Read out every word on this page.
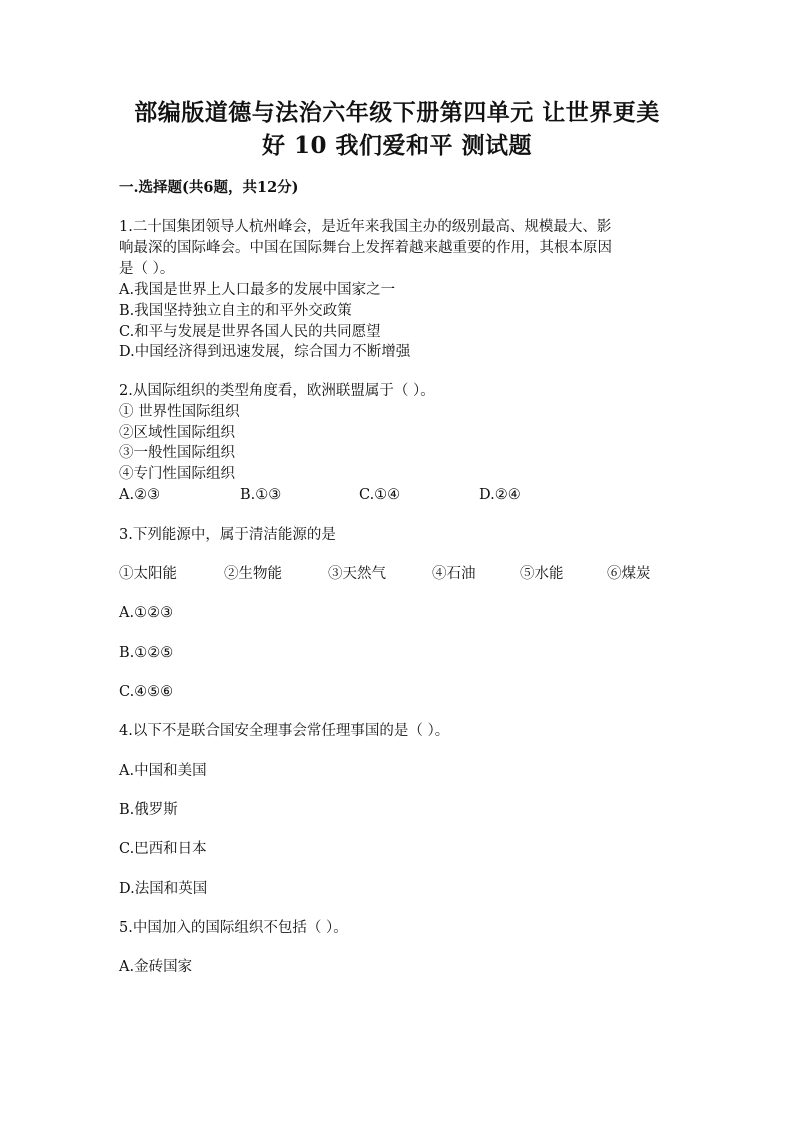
部编版道德与法治六年级下册第四单元 让世界更美
好 10 我们爱和平 测试题
一.选择题(共6题，共12分)
1.二十国集团领导人杭州峰会，是近年来我国主办的级别最高、规模最大、影
响最深的国际峰会。中国在国际舞台上发挥着越来越重要的作用，其根本原因
是（ ）。
A.我国是世界上人口最多的发展中国家之一
B.我国坚持独立自主的和平外交政策
C.和平与发展是世界各国人民的共同愿望
D.中国经济得到迅速发展，综合国力不断增强
2.从国际组织的类型角度看，欧洲联盟属于（ ）。
① 世界性国际组织
②区域性国际组织
③一般性国际组织
④专门性国际组织
A.②③	B.①③	C.①④	D.②④
3.下列能源中，属于清洁能源的是
①太阳能	②生物能	③天然气	④石油	⑤水能	⑥煤炭
A.①②③
B.①②⑤
C.④⑤⑥
4.以下不是联合国安全理事会常任理事国的是（ ）。
A.中国和美国
B.俄罗斯
C.巴西和日本
D.法国和英国
5.中国加入的国际组织不包括（ ）。
A.金砖国家
